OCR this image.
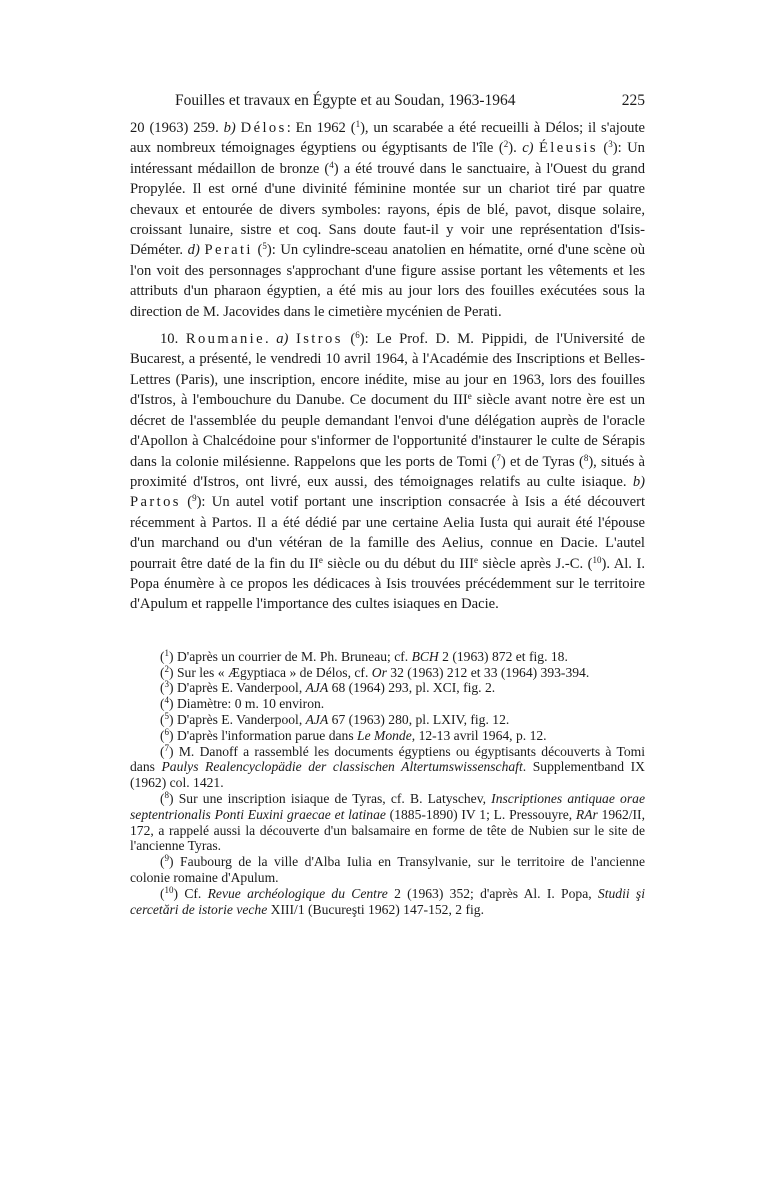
Fouilles et travaux en Égypte et au Soudan, 1963-1964	225

20 (1963) 259. b) Délos: En 1962 ($^1$), un scarabée a été recueilli à Délos; il s'ajoute aux nombreux témoignages égyptiens ou égyptisants de l'île ($^2$). c) Éleusis ($^3$): Un intéressant médaillon de bronze ($^4$) a été trouvé dans le sanctuaire, à l'Ouest du grand Propylée. Il est orné d'une divinité féminine montée sur un chariot tiré par quatre chevaux et entourée de divers symboles: rayons, épis de blé, pavot, disque solaire, croissant lunaire, sistre et coq. Sans doute faut-il y voir une représentation d'Isis-Déméter. d) Perati ($^5$): Un cylindre-sceau anatolien en hématite, orné d'une scène où l'on voit des personnages s'approchant d'une figure assise portant les vêtements et les attributs d'un pharaon égyptien, a été mis au jour lors des fouilles exécutées sous la direction de M. Jacovides dans le cimetière mycénien de Perati.

10. Roumanie. a) Istros ($^6$): Le Prof. D. M. Pippidi, de l'Université de Bucarest, a présenté, le vendredi 10 avril 1964, à l'Académie des Inscriptions et Belles-Lettres (Paris), une inscription, encore inédite, mise au jour en 1963, lors des fouilles d'Istros, à l'embouchure du Danube. Ce document du IIIe siècle avant notre ère est un décret de l'assemblée du peuple demandant l'envoi d'une délégation auprès de l'oracle d'Apollon à Chalcédoine pour s'informer de l'opportunité d'instaurer le culte de Sérapis dans la colonie milésienne. Rappelons que les ports de Tomi ($^7$) et de Tyras ($^8$), situés à proximité d'Istros, ont livré, eux aussi, des témoignages relatifs au culte isiaque. b) Partos ($^9$): Un autel votif portant une inscription consacrée à Isis a été découvert récemment à Partos. Il a été dédié par une certaine Aelia Iusta qui aurait été l'épouse d'un marchand ou d'un vétéran de la famille des Aelius, connue en Dacie. L'autel pourrait être daté de la fin du IIe siècle ou du début du IIIe siècle après J.-C. ($^{10}$). Al. I. Popa énumère à ce propos les dédicaces à Isis trouvées précédemment sur le territoire d'Apulum et rappelle l'importance des cultes isiaques en Dacie.

($^1$) D'après un courrier de M. Ph. Bruneau; cf. BCH 2 (1963) 872 et fig. 18.

($^2$) Sur les « Ægyptiaca » de Délos, cf. Or 32 (1963) 212 et 33 (1964) 393-394.

($^3$) D'après E. Vanderpool, AJA 68 (1964) 293, pl. XCI, fig. 2.

($^4$) Diamètre: 0 m. 10 environ.

($^5$) D'après E. Vanderpool, AJA 67 (1963) 280, pl. LXIV, fig. 12.

($^6$) D'après l'information parue dans Le Monde, 12-13 avril 1964, p. 12.

($^7$) M. Danoff a rassemblé les documents égyptiens ou égyptisants découverts à Tomi dans Paulys Realencyclopädie der classischen Altertumswissenschaft. Supplementband IX (1962) col. 1421.

($^8$) Sur une inscription isiaque de Tyras, cf. B. Latyschev, Inscriptiones antiquae orae septentrionalis Ponti Euxini graecae et latinae (1885-1890) IV 1; L. Pressouyre, RAr 1962/II, 172, a rappelé aussi la découverte d'un balsamaire en forme de tête de Nubien sur le site de l'ancienne Tyras.

($^9$) Faubourg de la ville d'Alba Iulia en Transylvanie, sur le territoire de l'ancienne colonie romaine d'Apulum.

($^{10}$) Cf. Revue archéologique du Centre 2 (1963) 352; d'après Al. I. Popa, Studii şi cercetări de istorie veche XIII/1 (Bucureşti 1962) 147-152, 2 fig.
